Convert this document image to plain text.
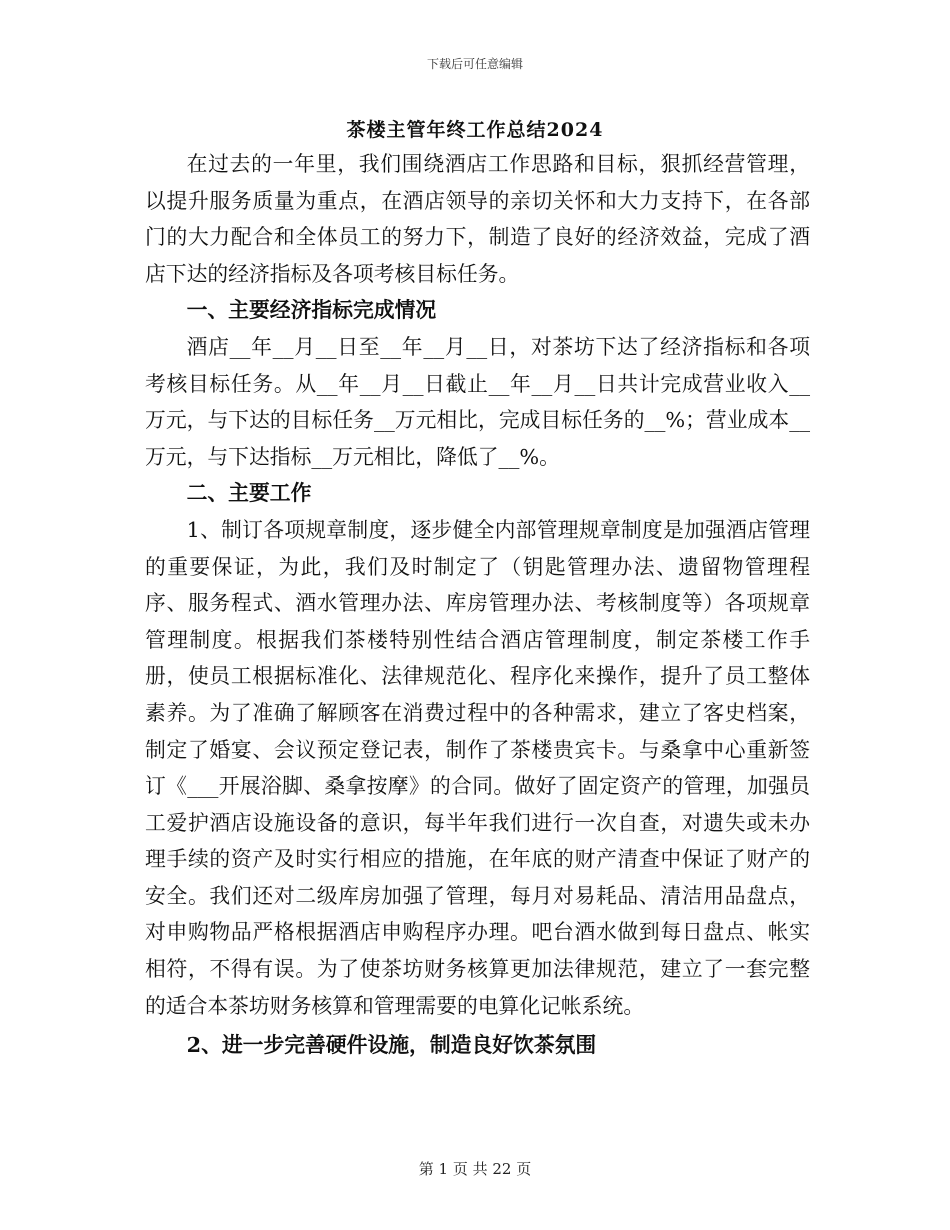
下载后可任意编辑
茶楼主管年终工作总结2024

在过去的一年里，我们围绕酒店工作思路和目标，狠抓经营管理，以提升服务质量为重点，在酒店领导的亲切关怀和大力支持下，在各部门的大力配合和全体员工的努力下，制造了良好的经济效益，完成了酒店下达的经济指标及各项考核目标任务。

一、主要经济指标完成情况

酒店__年__月__日至__年__月__日，对茶坊下达了经济指标和各项考核目标任务。从__年__月__日截止__年__月__日共计完成营业收入__万元，与下达的目标任务__万元相比，完成目标任务的__%；营业成本__万元，与下达指标__万元相比，降低了__%。

二、主要工作

1、制订各项规章制度，逐步健全内部管理规章制度是加强酒店管理的重要保证，为此，我们及时制定了（钥匙管理办法、遗留物管理程序、服务程式、酒水管理办法、库房管理办法、考核制度等）各项规章管理制度。根据我们茶楼特别性结合酒店管理制度，制定茶楼工作手册，使员工根据标准化、法律规范化、程序化来操作，提升了员工整体素养。为了准确了解顾客在消费过程中的各种需求，建立了客史档案，制定了婚宴、会议预定登记表，制作了茶楼贵宾卡。与桑拿中心重新签订《___开展浴脚、桑拿按摩》的合同。做好了固定资产的管理，加强员工爱护酒店设施设备的意识，每半年我们进行一次自查，对遗失或未办理手续的资产及时实行相应的措施，在年底的财产清查中保证了财产的安全。我们还对二级库房加强了管理，每月对易耗品、清洁用品盘点，对申购物品严格根据酒店申购程序办理。吧台酒水做到每日盘点、帐实相符，不得有误。为了使茶坊财务核算更加法律规范，建立了一套完整的适合本茶坊财务核算和管理需要的电算化记帐系统。

2、进一步完善硬件设施，制造良好饮茶氛围
第 1 页 共 22 页
